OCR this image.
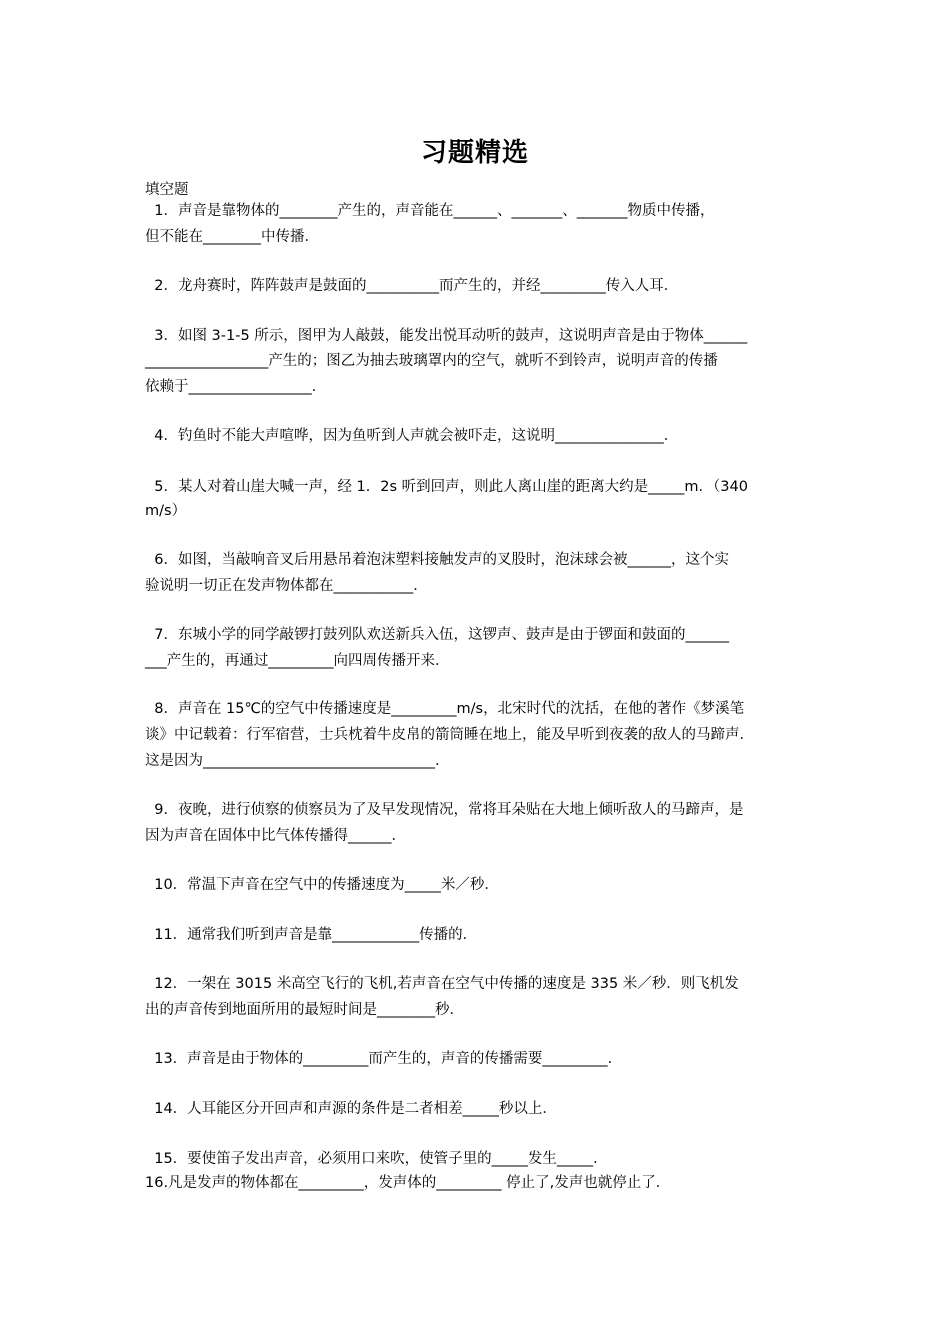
习题精选
填空题
1．声音是靠物体的________产生的，声音能在______、_______、_______物质中传播，
但不能在________中传播．
2．龙舟赛时，阵阵鼓声是鼓面的__________而产生的，并经_________传入人耳．
3．如图 3-1-5 所示，图甲为人敲鼓，能发出悦耳动听的鼓声，这说明声音是由于物体______
_________________产生的；图乙为抽去玻璃罩内的空气，就听不到铃声，说明声音的传播
依赖于_________________．
4．钓鱼时不能大声喧哗，因为鱼听到人声就会被吓走，这说明_______________．
5．某人对着山崖大喊一声，经 1．2s 听到回声，则此人离山崖的距离大约是_____m．（340
m/s）
6．如图，当敲响音叉后用悬吊着泡沫塑料接触发声的叉股时，泡沫球会被______，这个实
验说明一切正在发声物体都在___________．
7．东城小学的同学敲锣打鼓列队欢送新兵入伍，这锣声、鼓声是由于锣面和鼓面的______
___产生的，再通过_________向四周传播开来．
8．声音在 15℃的空气中传播速度是_________m/s，北宋时代的沈括，在他的著作《梦溪笔
谈》中记载着：行军宿营，士兵枕着牛皮帛的箭筒睡在地上，能及早听到夜袭的敌人的马蹄声．
这是因为________________________________．
9．夜晚，进行侦察的侦察员为了及早发现情况，常将耳朵贴在大地上倾听敌人的马蹄声，是
因为声音在固体中比气体传播得______．
10．常温下声音在空气中的传播速度为_____米／秒．
11．通常我们听到声音是靠____________传播的．
12．一架在 3015 米高空飞行的飞机,若声音在空气中传播的速度是 335 米／秒．则飞机发
出的声音传到地面所用的最短时间是________秒．
13．声音是由于物体的_________而产生的，声音的传播需要_________．
14．人耳能区分开回声和声源的条件是二者相差_____秒以上．
15．要使笛子发出声音，必须用口来吹，使管子里的_____发生_____．
16.凡是发声的物体都在_________，发声体的_________ 停止了,发声也就停止了．
